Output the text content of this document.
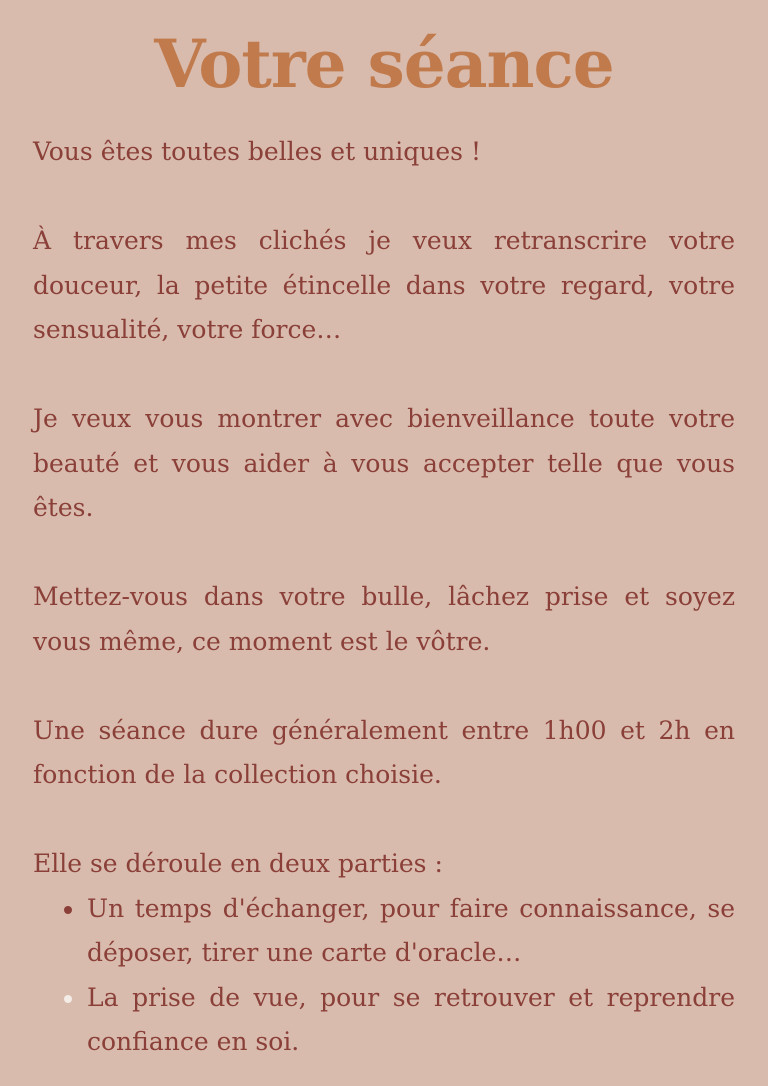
Votre séance

Vous êtes toutes belles et uniques !

À travers mes clichés je veux retranscrire votre douceur, la petite étincelle dans votre regard, votre sensualité, votre force…

Je veux vous montrer avec bienveillance toute votre beauté et vous aider à vous accepter telle que vous êtes.

Mettez-vous dans votre bulle, lâchez prise et soyez vous même, ce moment est le vôtre.

Une séance dure généralement entre 1h00 et 2h en fonction de la collection choisie.

Elle se déroule en deux parties :

Un temps d'échanger, pour faire connaissance, se déposer, tirer une carte d'oracle…
La prise de vue, pour se retrouver et reprendre confiance en soi.
